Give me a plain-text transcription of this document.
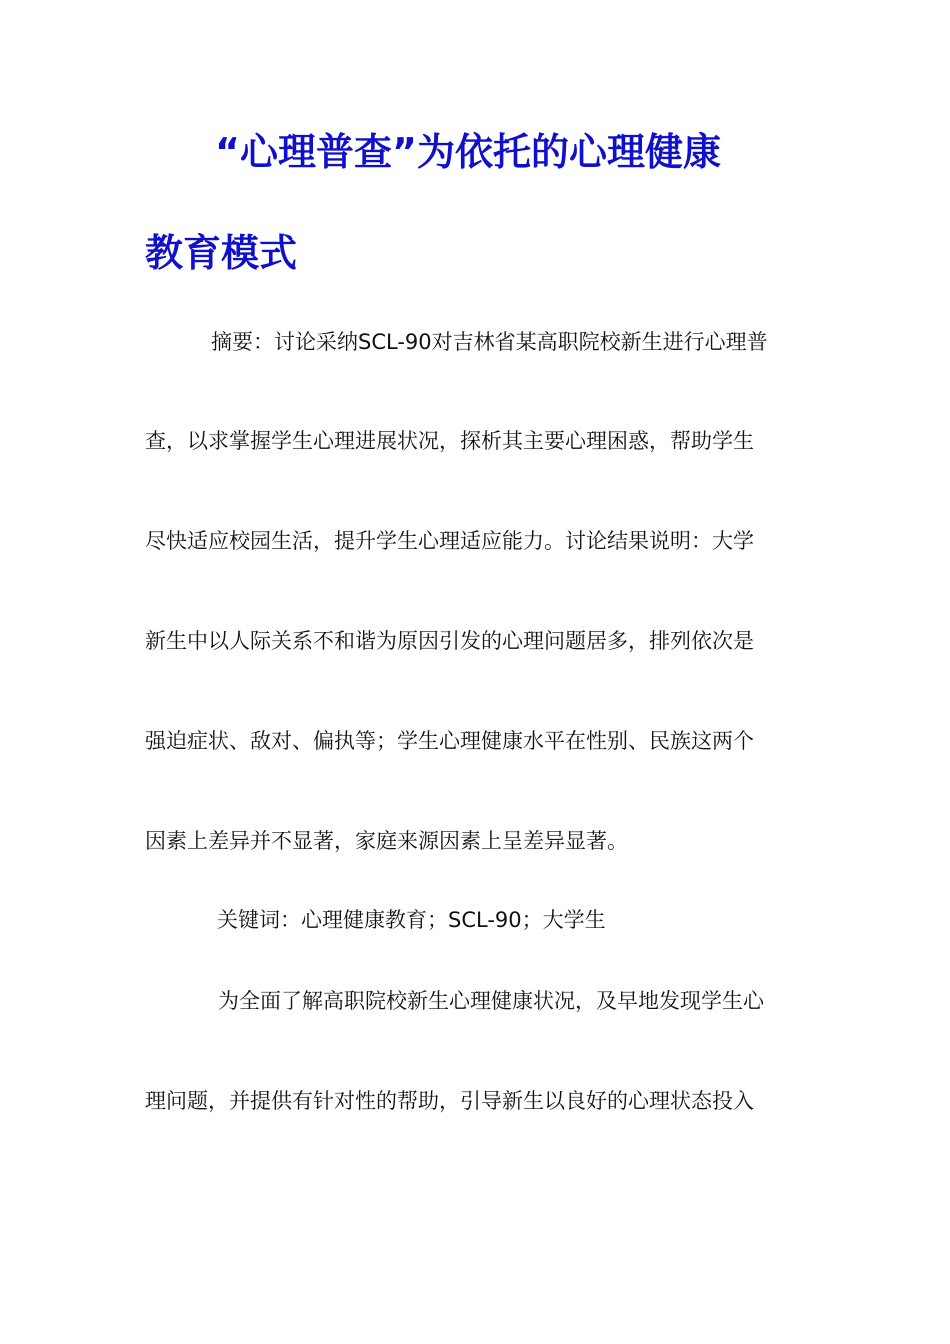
“心理普查”为依托的心理健康
教育模式

摘要：讨论采纳SCL-90对吉林省某高职院校新生进行心理普

查，以求掌握学生心理进展状况，探析其主要心理困惑，帮助学生

尽快适应校园生活，提升学生心理适应能力。讨论结果说明：大学

新生中以人际关系不和谐为原因引发的心理问题居多，排列依次是

强迫症状、敌对、偏执等；学生心理健康水平在性别、民族这两个

因素上差异并不显著，家庭来源因素上呈差异显著。

关键词：心理健康教育；SCL-90；大学生

为全面了解高职院校新生心理健康状况，及早地发现学生心

理问题，并提供有针对性的帮助，引导新生以良好的心理状态投入
